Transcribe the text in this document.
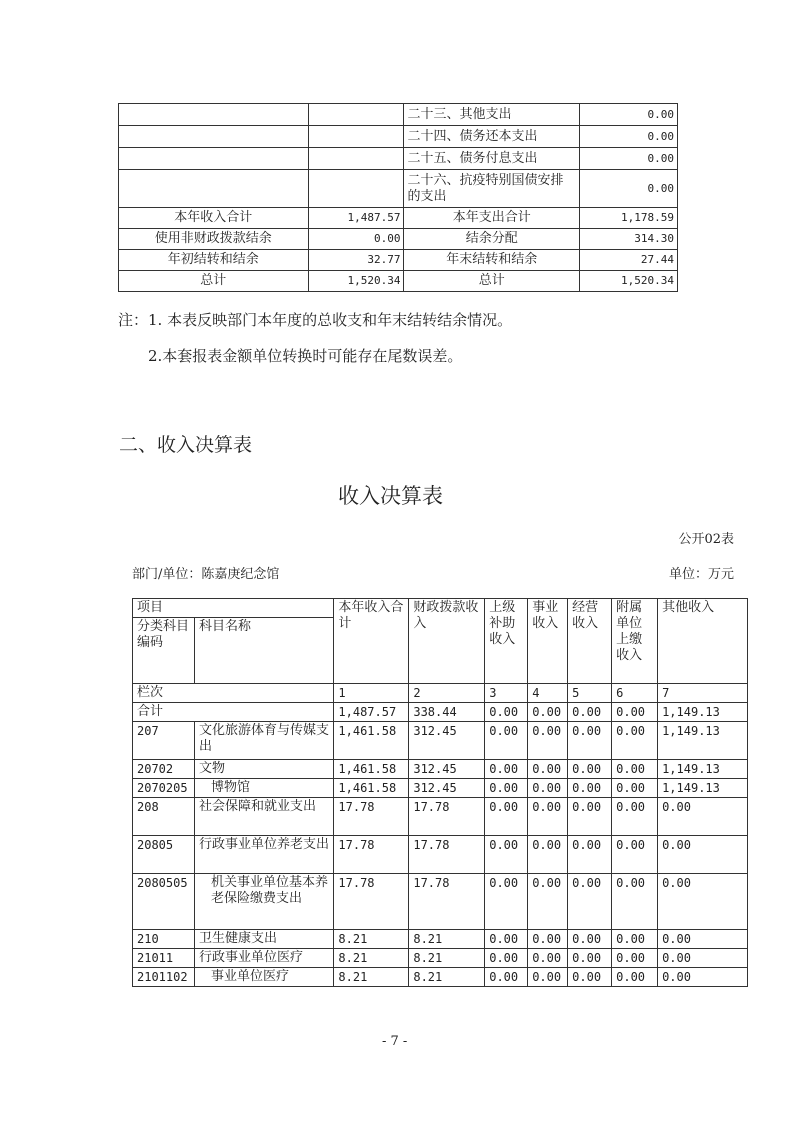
		二十三、其他支出	0.00
		二十四、债务还本支出	0.00
		二十五、债务付息支出	0.00
		二十六、抗疫特别国债安排的支出	0.00
本年收入合计	1,487.57	本年支出合计	1,178.59
使用非财政拨款结余	0.00	结余分配	314.30
年初结转和结余	32.77	年末结转和结余	27.44
总计	1,520.34	总计	1,520.34
注：1. 本表反映部门本年度的总收支和年末结转结余情况。
2.本套报表金额单位转换时可能存在尾数误差。
二、收入决算表
收入决算表
公开02表
部门/单位：陈嘉庚纪念馆	单位：万元
项目		本年收入合计	财政拨款收入	上级补助收入	事业收入	经营收入	附属单位上缴收入	其他收入
分类科目编码	科目名称							
栏次		1	2	3	4	5	6	7
合计		1,487.57	338.44	0.00	0.00	0.00	0.00	1,149.13
207	文化旅游体育与传媒支出	1,461.58	312.45	0.00	0.00	0.00	0.00	1,149.13
20702	文物	1,461.58	312.45	0.00	0.00	0.00	0.00	1,149.13
2070205	博物馆	1,461.58	312.45	0.00	0.00	0.00	0.00	1,149.13
208	社会保障和就业支出	17.78	17.78	0.00	0.00	0.00	0.00	0.00
20805	行政事业单位养老支出	17.78	17.78	0.00	0.00	0.00	0.00	0.00
2080505	机关事业单位基本养老保险缴费支出	17.78	17.78	0.00	0.00	0.00	0.00	0.00
210	卫生健康支出	8.21	8.21	0.00	0.00	0.00	0.00	0.00
21011	行政事业单位医疗	8.21	8.21	0.00	0.00	0.00	0.00	0.00
2101102	事业单位医疗	8.21	8.21	0.00	0.00	0.00	0.00	0.00
- 7 -
